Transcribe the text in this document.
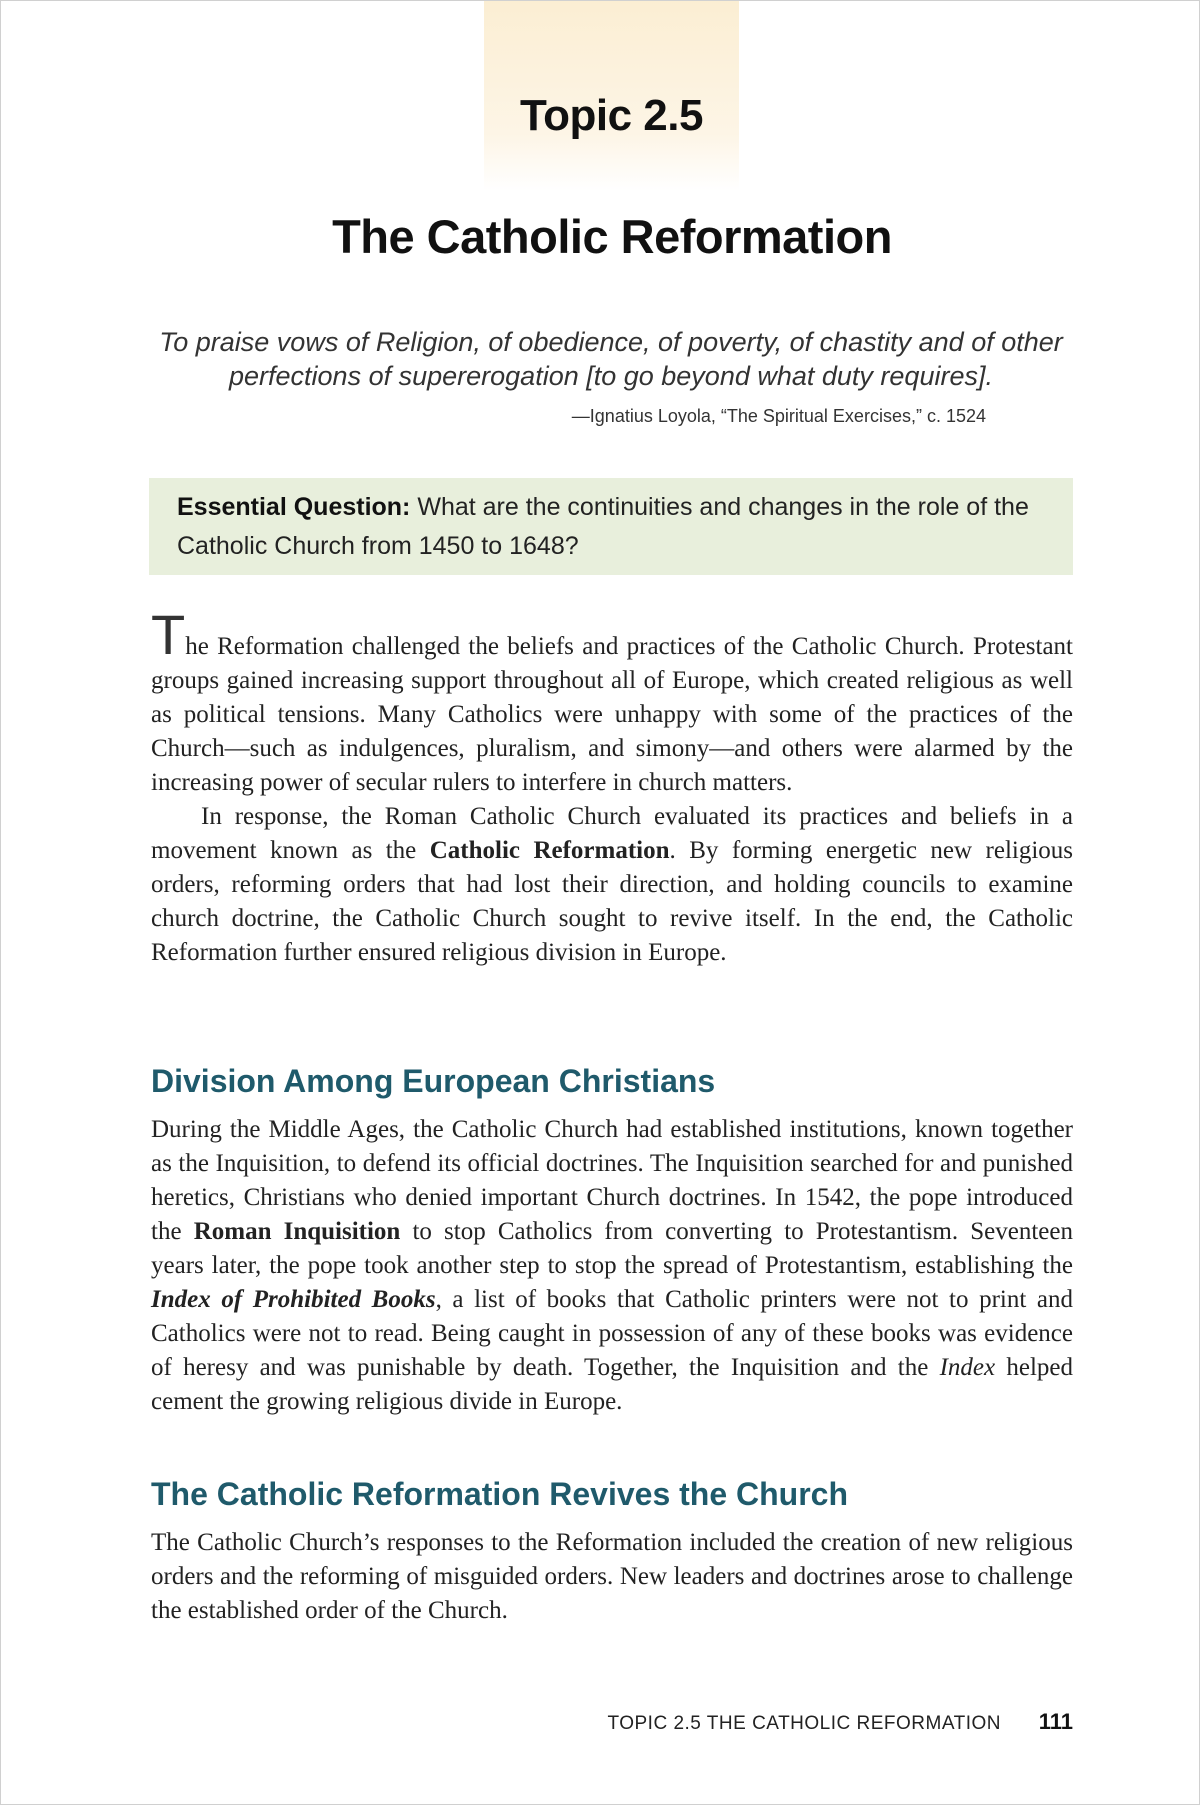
Topic 2.5
The Catholic Reformation
To praise vows of Religion, of obedience, of poverty, of chastity and of other perfections of supererogation [to go beyond what duty requires].
—Ignatius Loyola, “The Spiritual Exercises,” c. 1524
Essential Question: What are the continuities and changes in the role of the Catholic Church from 1450 to 1648?

The Reformation challenged the beliefs and practices of the Catholic Church. Protestant groups gained increasing support throughout all of Europe, which created religious as well as political tensions. Many Catholics were unhappy with some of the practices of the Church—such as indulgences, pluralism, and simony—and others were alarmed by the increasing power of secular rulers to interfere in church matters.

In response, the Roman Catholic Church evaluated its practices and beliefs in a movement known as the Catholic Reformation. By forming energetic new religious orders, reforming orders that had lost their direction, and holding councils to examine church doctrine, the Catholic Church sought to revive itself. In the end, the Catholic Reformation further ensured religious division in Europe.

Division Among European Christians

During the Middle Ages, the Catholic Church had established institutions, known together as the Inquisition, to defend its official doctrines. The Inquisition searched for and punished heretics, Christians who denied important Church doctrines. In 1542, the pope introduced the Roman Inquisition to stop Catholics from converting to Protestantism. Seventeen years later, the pope took another step to stop the spread of Protestantism, establishing the Index of Prohibited Books, a list of books that Catholic printers were not to print and Catholics were not to read. Being caught in possession of any of these books was evidence of heresy and was punishable by death. Together, the Inquisition and the Index helped cement the growing religious divide in Europe.

The Catholic Reformation Revives the Church

The Catholic Church’s responses to the Reformation included the creation of new religious orders and the reforming of misguided orders. New leaders and doctrines arose to challenge the established order of the Church.

TOPIC 2.5 THE CATHOLIC REFORMATION	111
